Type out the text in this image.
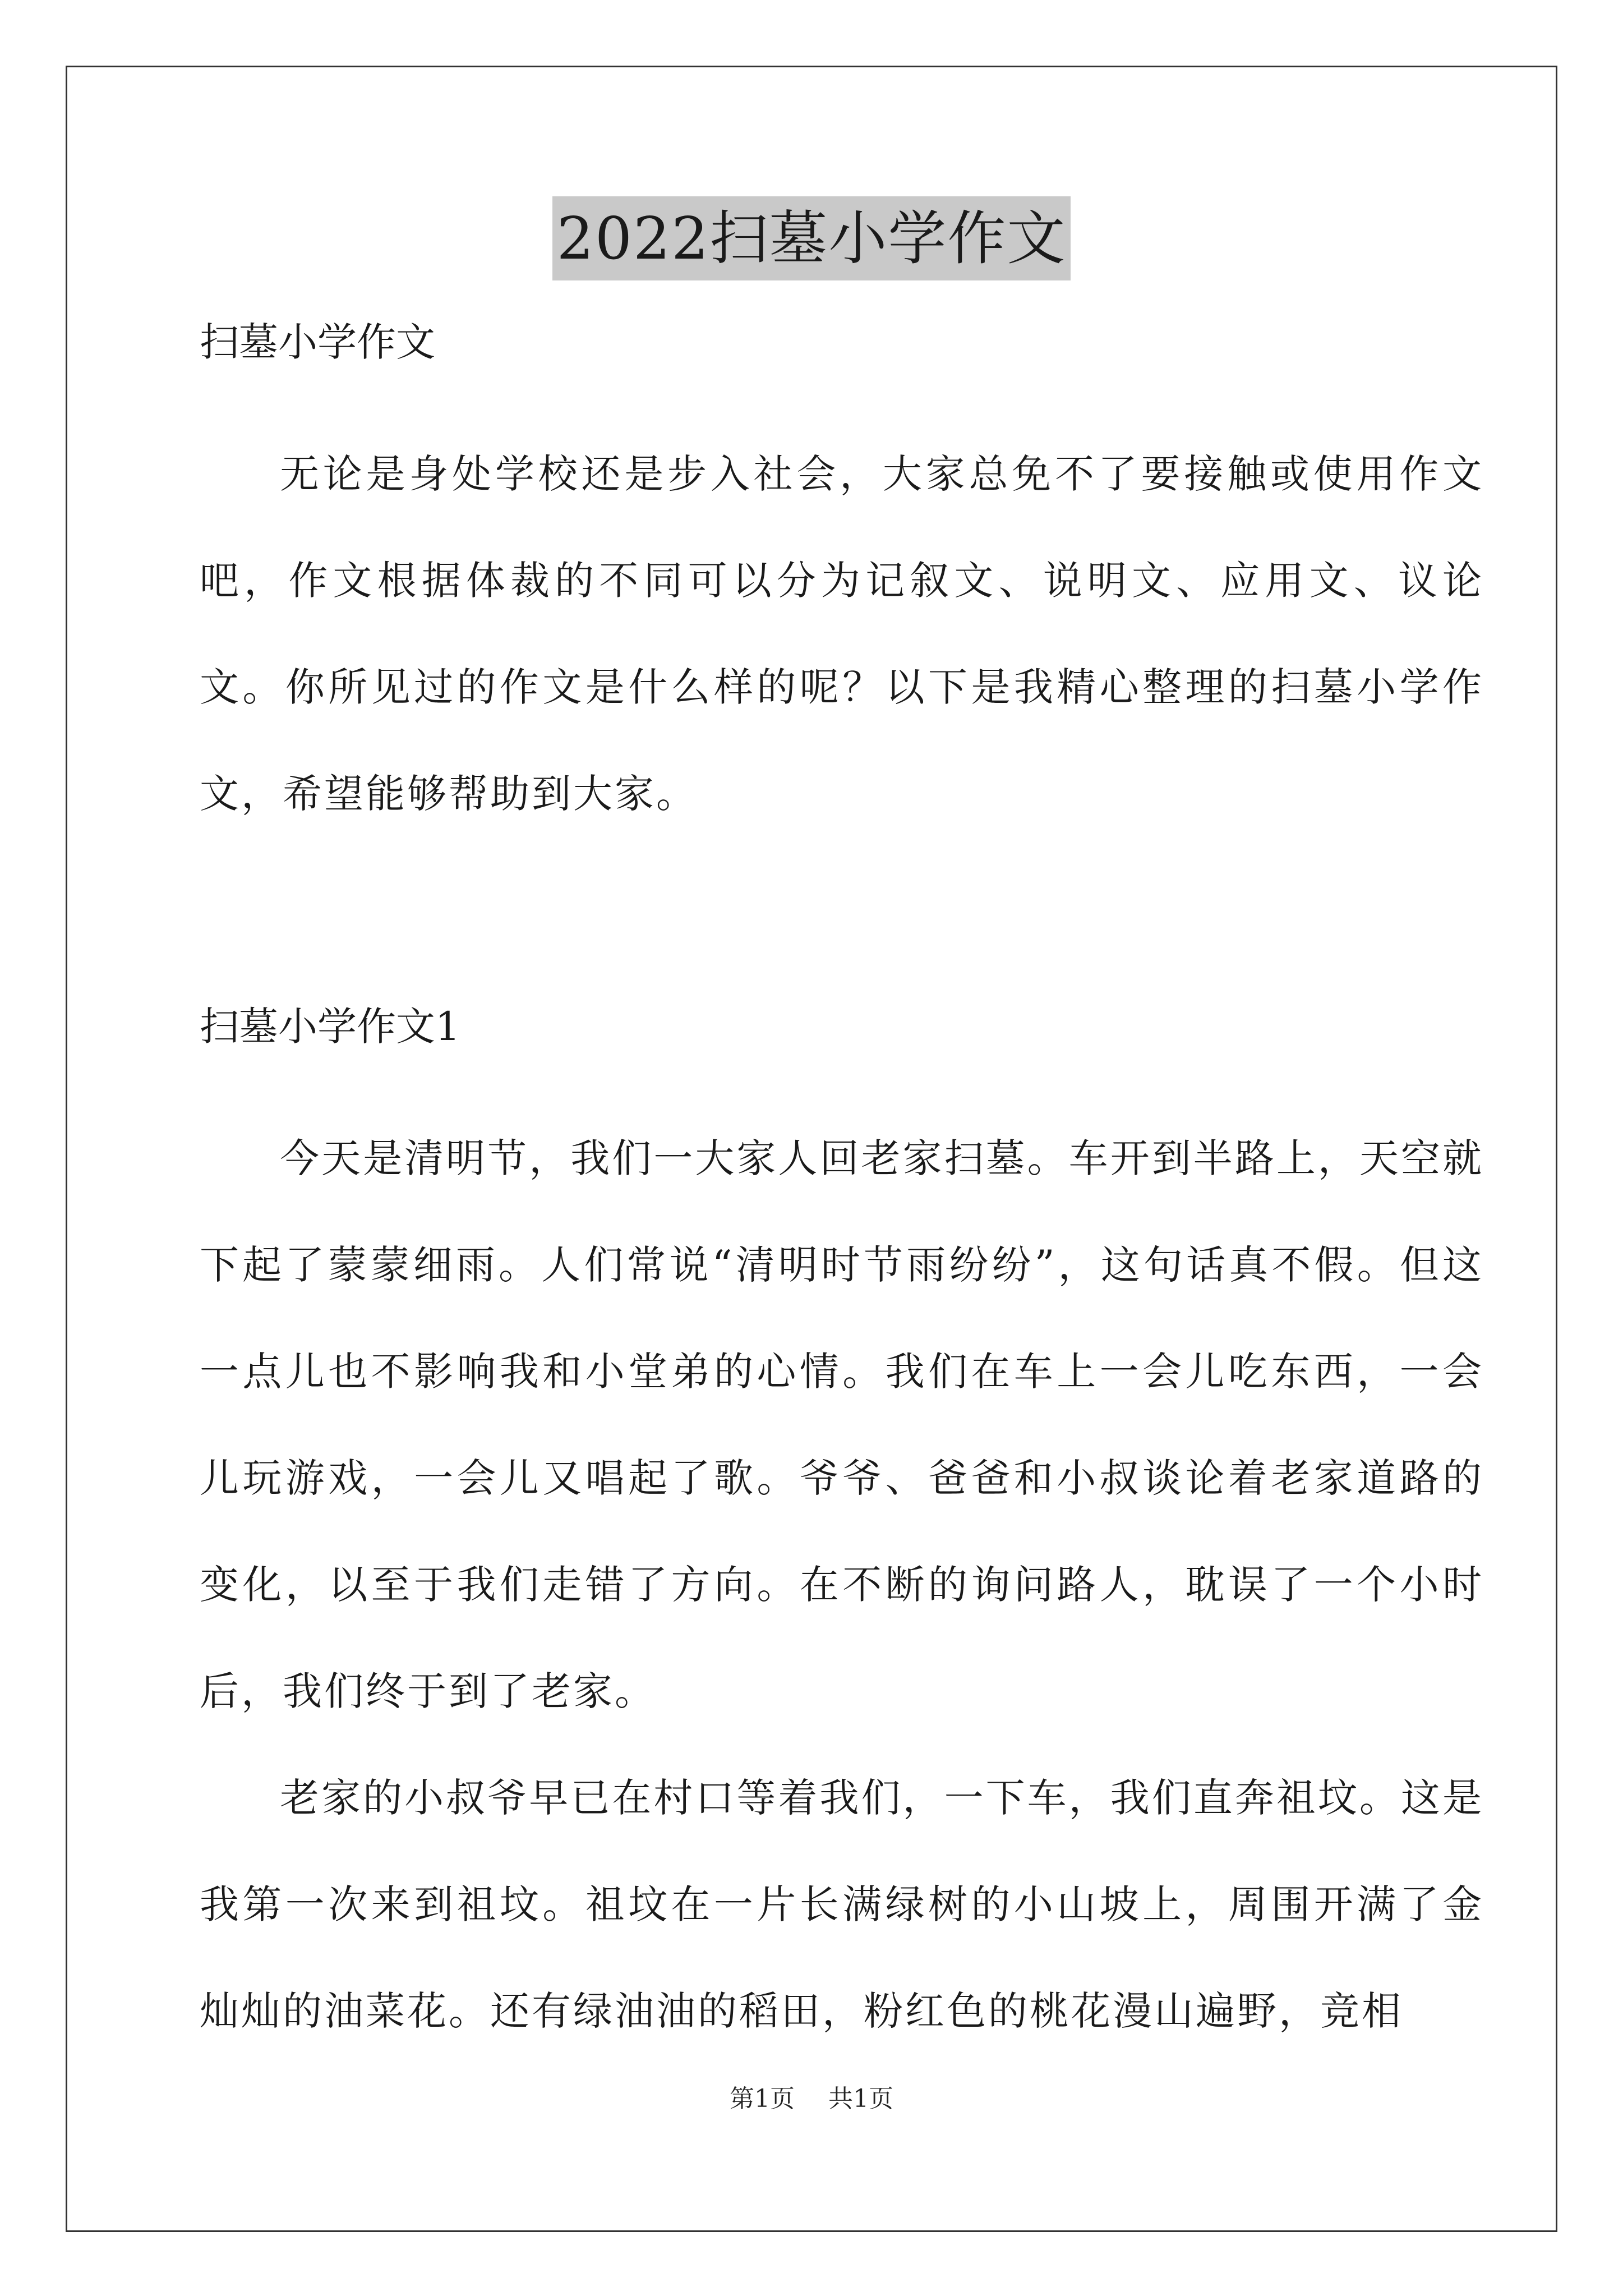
2022扫墓小学作文

扫墓小学作文

无论是身处学校还是步入社会，大家总免不了要接触或使用作文吧，作文根据体裁的不同可以分为记叙文、说明文、应用文、议论文。你所见过的作文是什么样的呢？以下是我精心整理的扫墓小学作文，希望能够帮助到大家。

扫墓小学作文1

今天是清明节，我们一大家人回老家扫墓。车开到半路上，天空就下起了蒙蒙细雨。人们常说“清明时节雨纷纷”，这句话真不假。但这一点儿也不影响我和小堂弟的心情。我们在车上一会儿吃东西，一会儿玩游戏，一会儿又唱起了歌。爷爷、爸爸和小叔谈论着老家道路的变化，以至于我们走错了方向。在不断的询问路人，耽误了一个小时后，我们终于到了老家。

老家的小叔爷早已在村口等着我们，一下车，我们直奔祖坟。这是我第一次来到祖坟。祖坟在一片长满绿树的小山坡上，周围开满了金灿灿的油菜花。还有绿油油的稻田，粉红色的桃花漫山遍野，竞相

第1页 共1页
